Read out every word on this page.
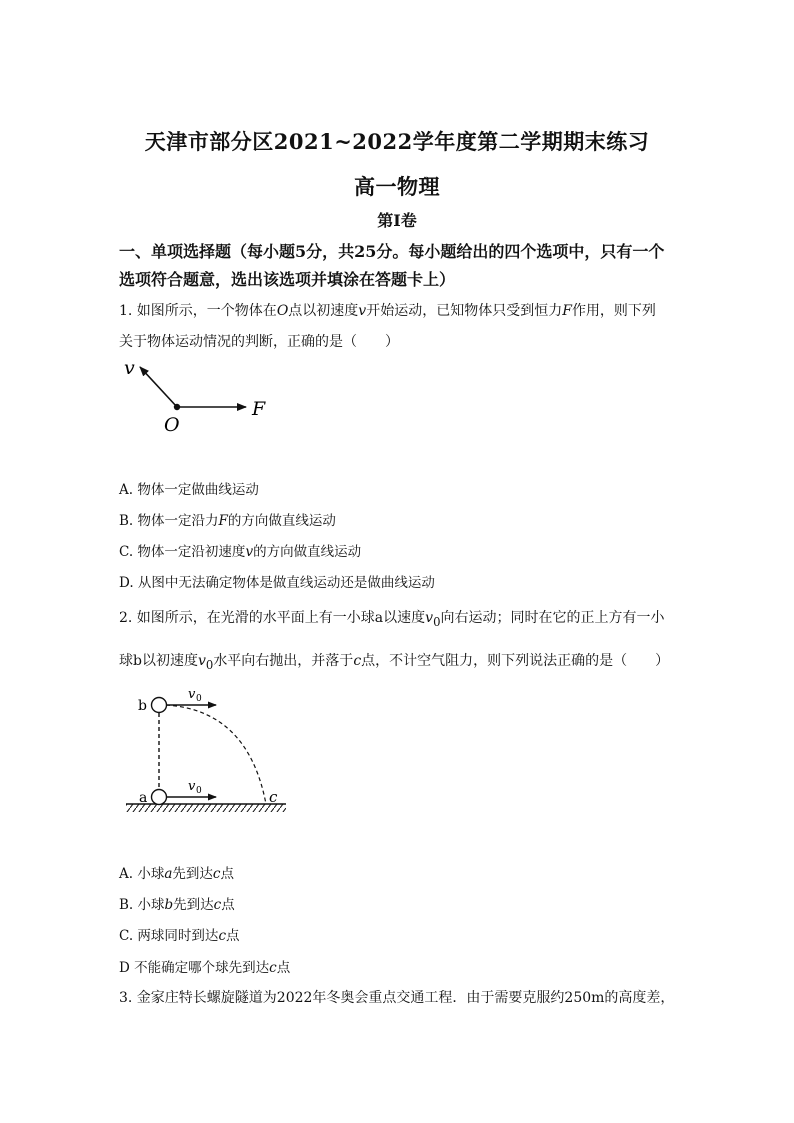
天津市部分区2021~2022学年度第二学期期末练习
高一物理
第Ⅰ卷
一、单项选择题（每小题5分，共25分。每小题给出的四个选项中，只有一个
选项符合题意，选出该选项并填涂在答题卡上）
1. 如图所示，一个物体在O点以初速度v开始运动，已知物体只受到恒力F作用，则下列
关于物体运动情况的判断，正确的是（　　）
v
O
F
A. 物体一定做曲线运动
B. 物体一定沿力F的方向做直线运动
C. 物体一定沿初速度v的方向做直线运动
D. 从图中无法确定物体是做直线运动还是做曲线运动
2. 如图所示，在光滑的水平面上有一小球a以速度$v_0$向右运动；同时在它的正上方有一小
球b以初速度$v_0$水平向右抛出，并落于c点，不计空气阻力，则下列说法正确的是（　　）
b
a	c
v 0
v 0
A. 小球a先到达c点
B. 小球b先到达c点
C. 两球同时到达c点
D 不能确定哪个球先到达c点
3. 金家庄特长螺旋隧道为2022年冬奥会重点交通工程．由于需要克服约250m的高度差，
